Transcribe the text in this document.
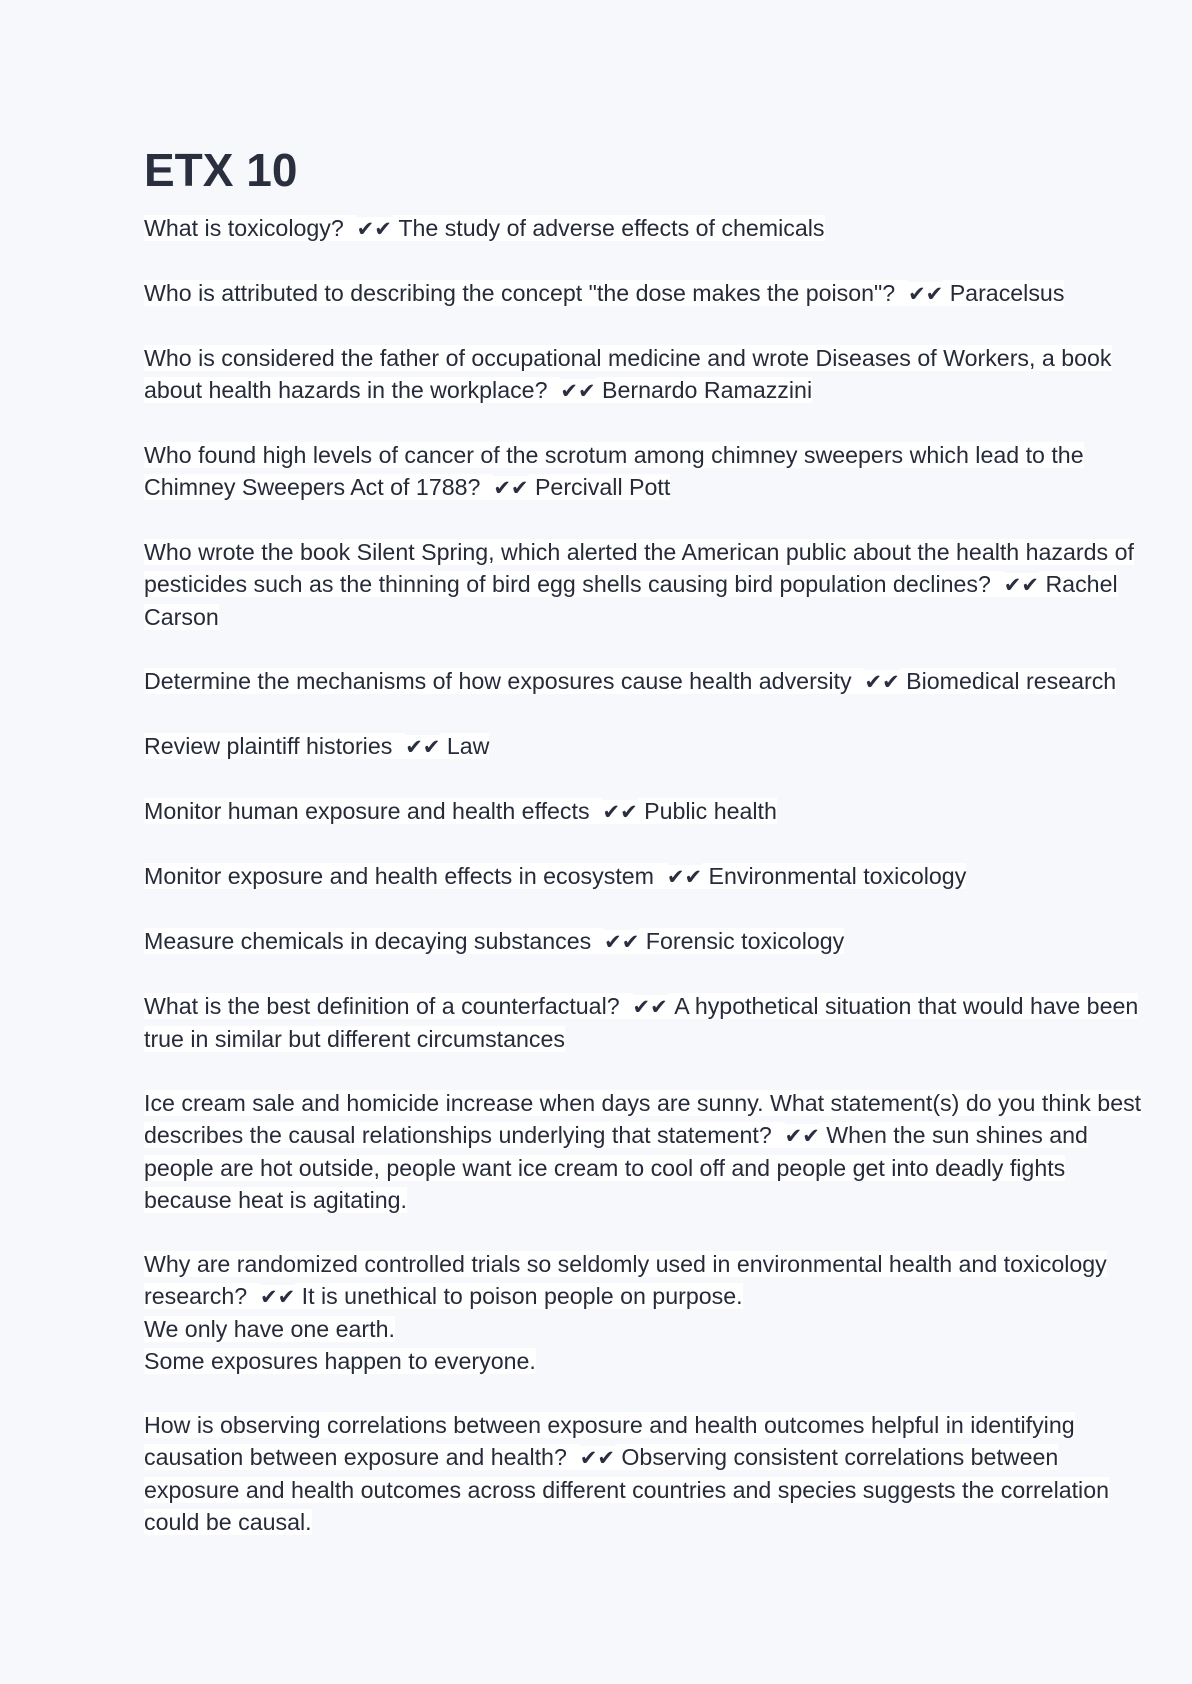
ETX 10

What is toxicology? ✔✔ The study of adverse effects of chemicals

Who is attributed to describing the concept "the dose makes the poison"? ✔✔ Paracelsus

Who is considered the father of occupational medicine and wrote Diseases of Workers, a book about health hazards in the workplace? ✔✔ Bernardo Ramazzini

Who found high levels of cancer of the scrotum among chimney sweepers which lead to the Chimney Sweepers Act of 1788? ✔✔ Percivall Pott

Who wrote the book Silent Spring, which alerted the American public about the health hazards of pesticides such as the thinning of bird egg shells causing bird population declines? ✔✔ Rachel Carson

Determine the mechanisms of how exposures cause health adversity ✔✔ Biomedical research

Review plaintiff histories ✔✔ Law

Monitor human exposure and health effects ✔✔ Public health

Monitor exposure and health effects in ecosystem ✔✔ Environmental toxicology

Measure chemicals in decaying substances ✔✔ Forensic toxicology

What is the best definition of a counterfactual? ✔✔ A hypothetical situation that would have been true in similar but different circumstances

Ice cream sale and homicide increase when days are sunny. What statement(s) do you think best describes the causal relationships underlying that statement? ✔✔ When the sun shines and people are hot outside, people want ice cream to cool off and people get into deadly fights because heat is agitating.

Why are randomized controlled trials so seldomly used in environmental health and toxicology research? ✔✔ It is unethical to poison people on purpose.
We only have one earth.
Some exposures happen to everyone.

How is observing correlations between exposure and health outcomes helpful in identifying causation between exposure and health? ✔✔ Observing consistent correlations between exposure and health outcomes across different countries and species suggests the correlation could be causal.
